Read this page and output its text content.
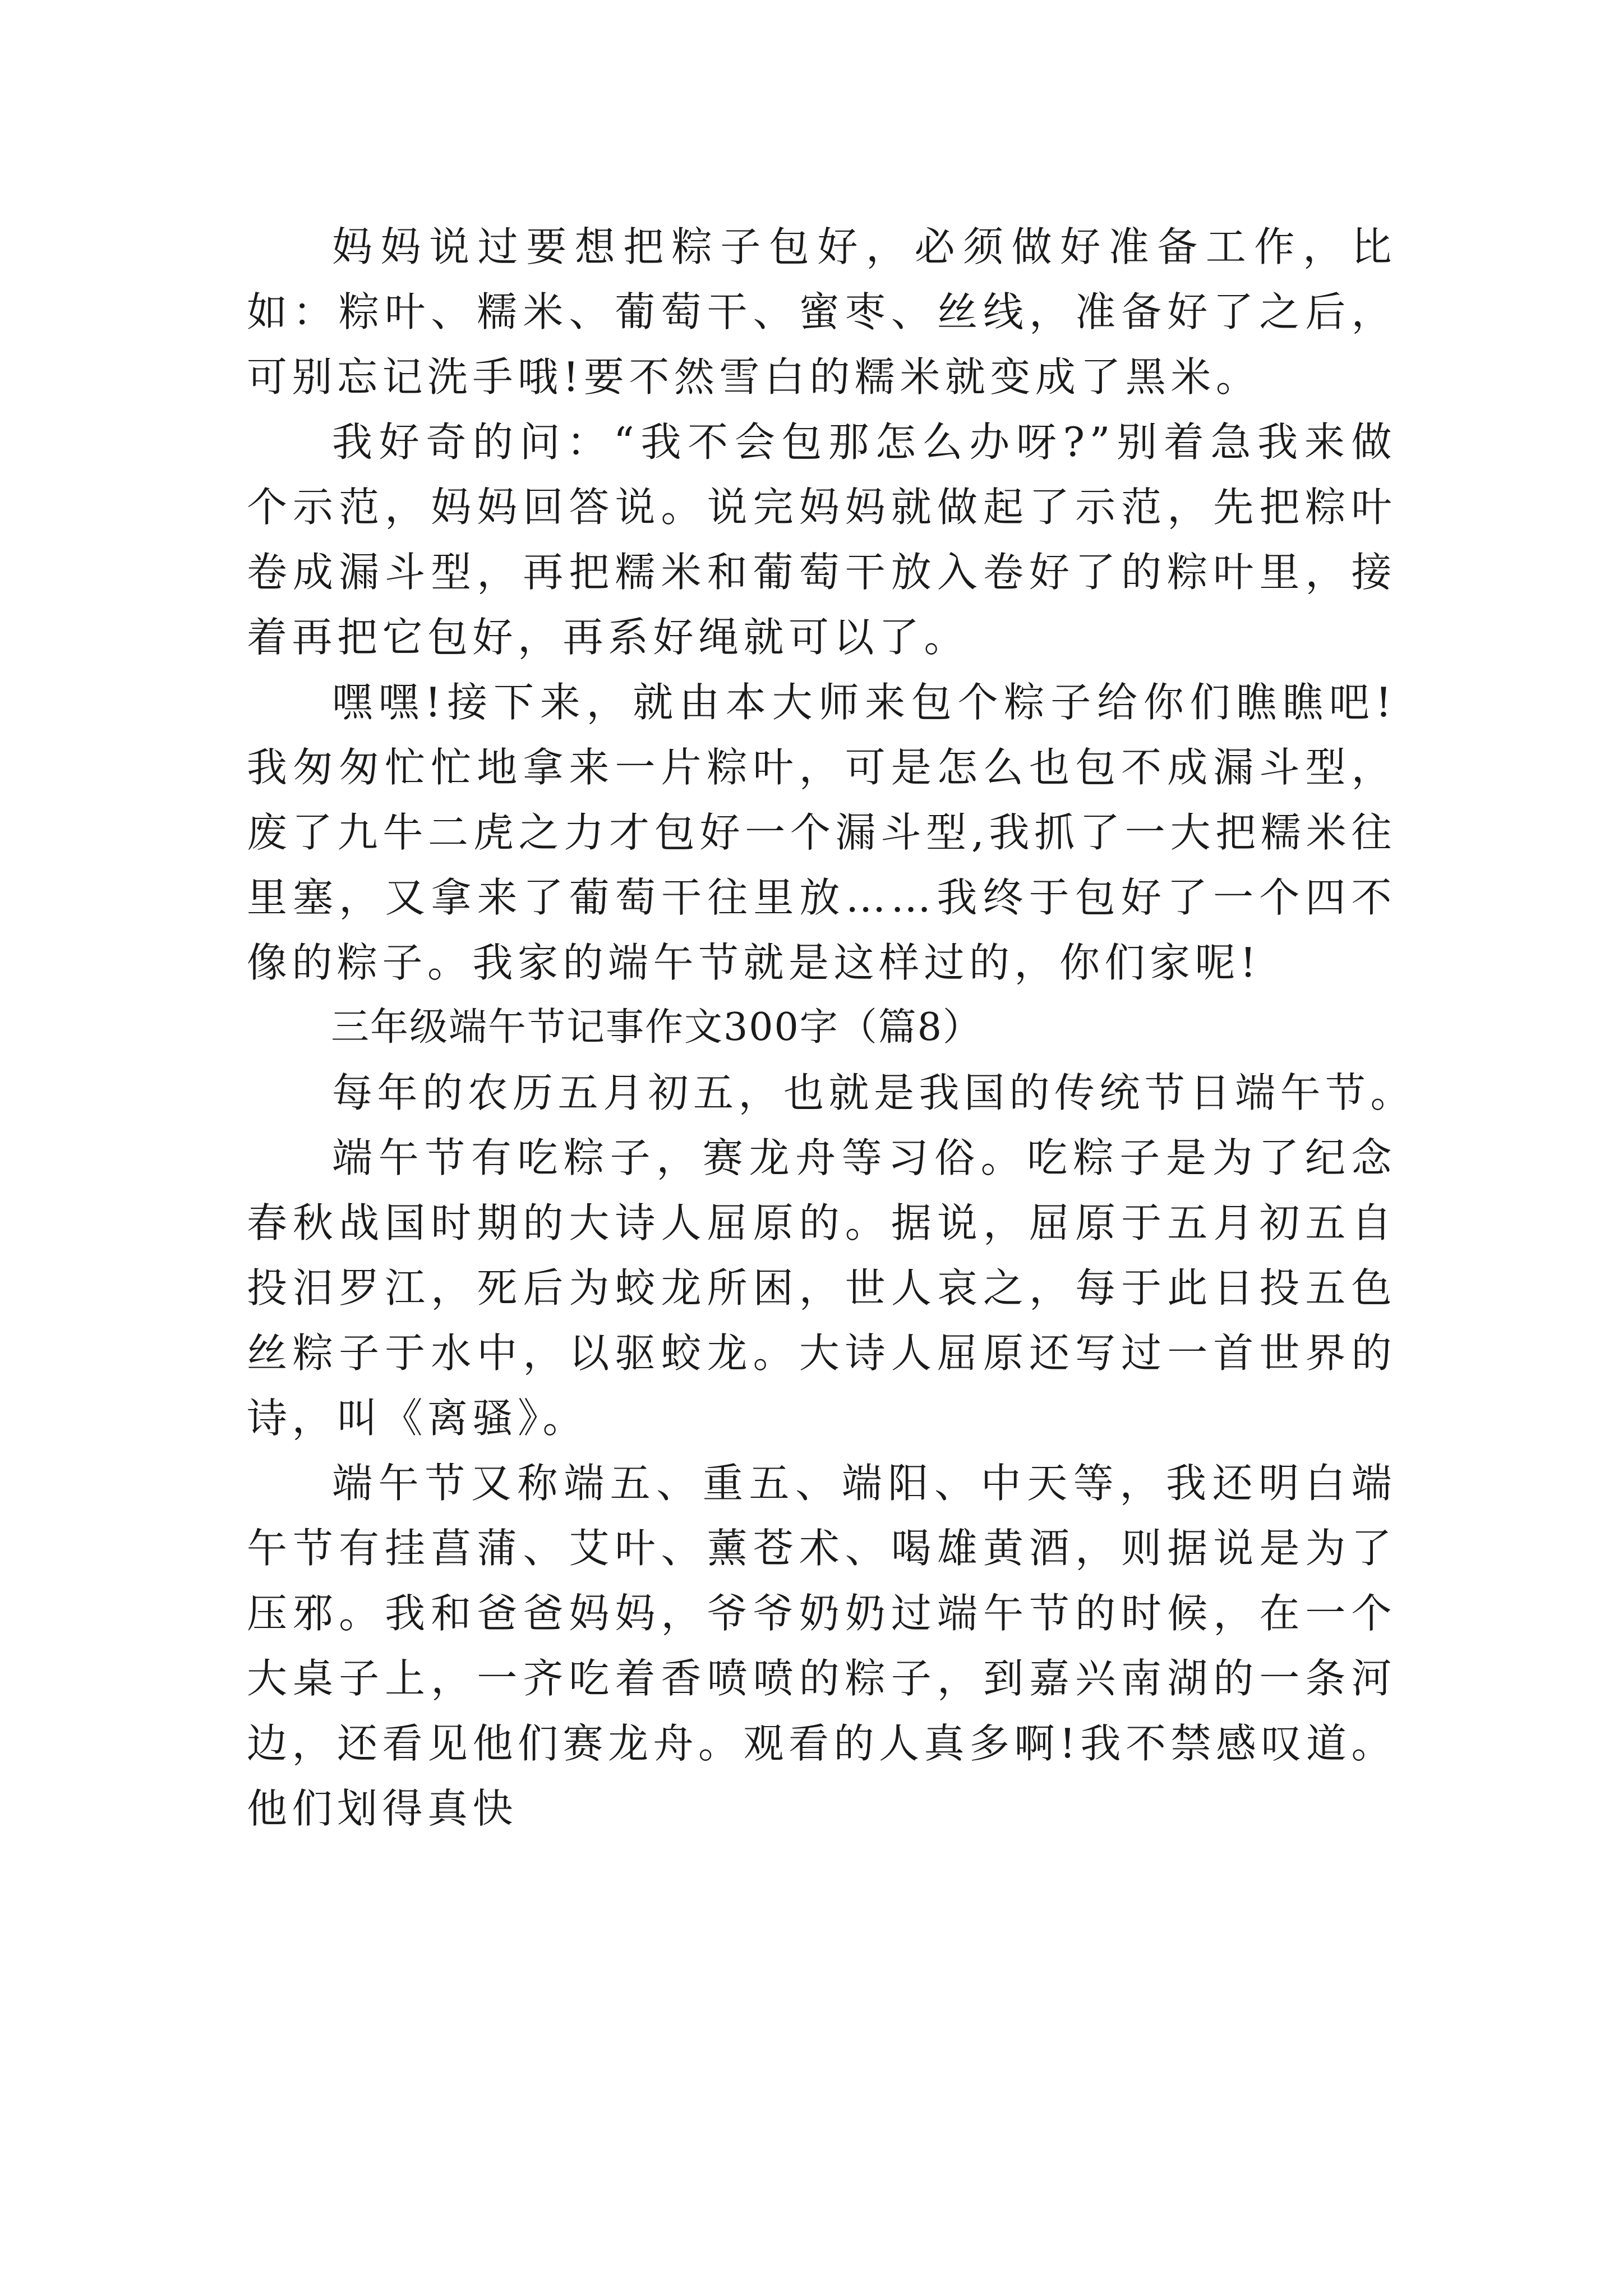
妈妈说过要想把粽子包好，必须做好准备工作，比如：粽叶、糯米、葡萄干、蜜枣、丝线，准备好了之后，可别忘记洗手哦!要不然雪白的糯米就变成了黑米。

我好奇的问：“我不会包那怎么办呀?”别着急我来做个示范，妈妈回答说。说完妈妈就做起了示范，先把粽叶卷成漏斗型，再把糯米和葡萄干放入卷好了的粽叶里，接着再把它包好，再系好绳就可以了。

嘿嘿!接下来，就由本大师来包个粽子给你们瞧瞧吧!我匆匆忙忙地拿来一片粽叶，可是怎么也包不成漏斗型，废了九牛二虎之力才包好一个漏斗型,我抓了一大把糯米往里塞，又拿来了葡萄干往里放……我终于包好了一个四不像的粽子。我家的端午节就是这样过的，你们家呢!

三年级端午节记事作文300字（篇8）

每年的农历五月初五，也就是我国的传统节日端午节。

端午节有吃粽子，赛龙舟等习俗。吃粽子是为了纪念春秋战国时期的大诗人屈原的。据说，屈原于五月初五自投汨罗江，死后为蛟龙所困，世人哀之，每于此日投五色丝粽子于水中，以驱蛟龙。大诗人屈原还写过一首世界的诗，叫《离骚》。

端午节又称端五、重五、端阳、中天等，我还明白端午节有挂菖蒲、艾叶、薰苍术、喝雄黄酒，则据说是为了压邪。我和爸爸妈妈，爷爷奶奶过端午节的时候，在一个大桌子上，一齐吃着香喷喷的粽子，到嘉兴南湖的一条河边，还看见他们赛龙舟。观看的人真多啊!我不禁感叹道。他们划得真快
